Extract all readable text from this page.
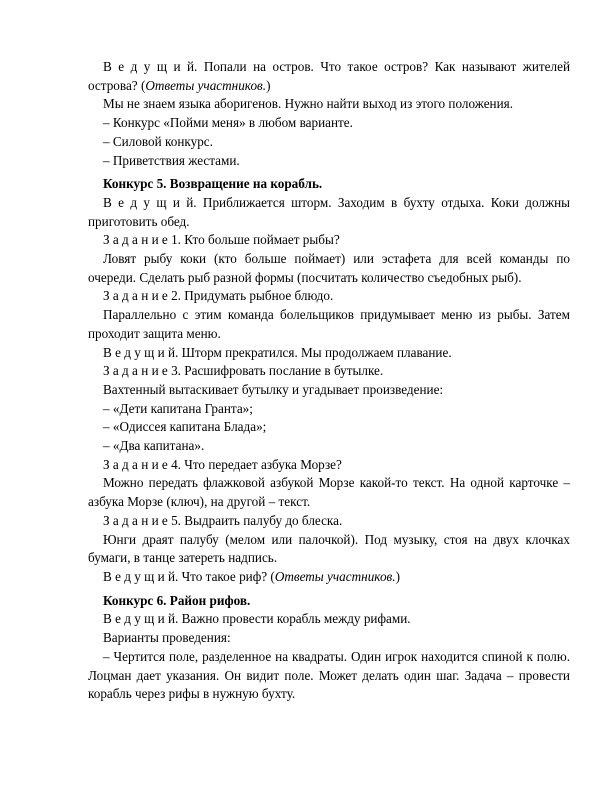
В е д у щ и й. Попали на остров. Что такое остров? Как называют жителей острова? (Ответы участников.)

Мы не знаем языка аборигенов. Нужно найти выход из этого положения.

– Конкурс «Пойми меня» в любом варианте.

– Силовой конкурс.

– Приветствия жестами.

Конкурс 5. Возвращение на корабль.

В е д у щ и й. Приближается шторм. Заходим в бухту отдыха. Коки должны приготовить обед.

З а д а н и е 1. Кто больше поймает рыбы?

Ловят рыбу коки (кто больше поймает) или эстафета для всей команды по очереди. Сделать рыб разной формы (посчитать количество съедобных рыб).

З а д а н и е 2. Придумать рыбное блюдо.

Параллельно с этим команда болельщиков придумывает меню из рыбы. Затем проходит защита меню.

В е д у щ и й. Шторм прекратился. Мы продолжаем плавание.

З а д а н и е 3. Расшифровать послание в бутылке.

Вахтенный вытаскивает бутылку и угадывает произведение:

– «Дети капитана Гранта»;

– «Одиссея капитана Блада»;

– «Два капитана».

З а д а н и е 4. Что передает азбука Морзе?

Можно передать флажковой азбукой Морзе какой-то текст. На одной карточке – азбука Морзе (ключ), на другой – текст.

З а д а н и е 5. Выдраить палубу до блеска.

Юнги драят палубу (мелом или палочкой). Под музыку, стоя на двух клочках бумаги, в танце затереть надпись.

В е д у щ и й. Что такое риф? (Ответы участников.)

Конкурс 6. Район рифов.

В е д у щ и й. Важно провести корабль между рифами.

Варианты проведения:

– Чертится поле, разделенное на квадраты. Один игрок находится спиной к полю. Лоцман дает указания. Он видит поле. Может делать один шаг. Задача – провести корабль через рифы в нужную бухту.
